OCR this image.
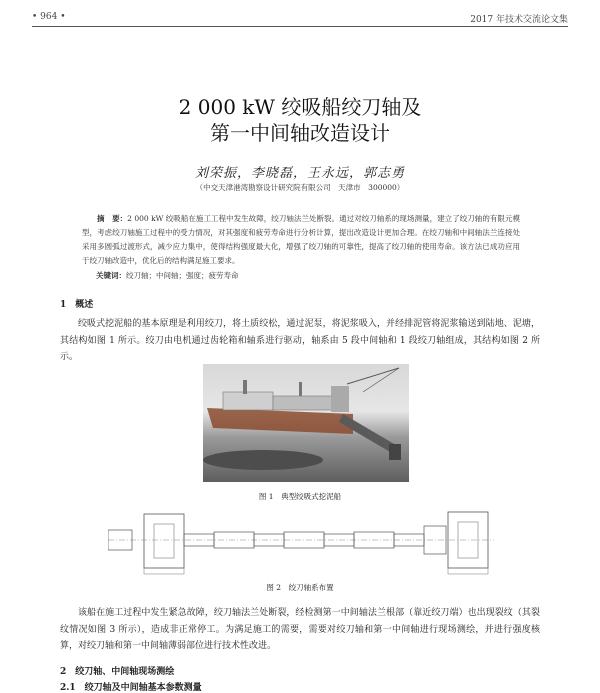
• 964 •	2017 年技术交流论文集
2 000 kW 绞吸船绞刀轴及
第一中间轴改造设计
刘荣振，李晓磊，王永远，郭志勇
（中交天津港湾勘察设计研究院有限公司　天津市　300000）
摘　要：2 000 kW 绞吸船在施工工程中发生故障，绞刀轴法兰处断裂。通过对绞刀轴系的现场测量，建立了绞刀轴的有限元模型，考虑绞刀轴施工过程中的受力情况，对其强度和疲劳寿命进行分析计算，提出改造设计更加合理。在绞刀轴和中间轴法兰连接处采用多圆弧过渡形式，减少应力集中，使得结构强度最大化，增强了绞刀轴的可靠性，提高了绞刀轴的使用寿命。该方法已成功应用于绞刀轴改造中，优化后的结构满足施工要求。
关键词：绞刀轴；中间轴；强度；疲劳寿命
1　概述
绞吸式挖泥船的基本原理是利用绞刀，将土质绞松，通过泥泵，将泥浆吸入，并经排泥管将泥浆输送到陆地、泥塘，其结构如图 1 所示。绞刀由电机通过齿轮箱和轴系进行驱动，轴系由 5 段中间轴和 1 段绞刀轴组成，其结构如图 2 所示。
图 1　典型绞吸式挖泥船
图 2　绞刀轴系布置
该船在施工过程中发生紧急故障，绞刀轴法兰处断裂，经检测第一中间轴法兰根部（靠近绞刀端）也出现裂纹（其裂纹情况如图 3 所示），造成非正常停工。为满足施工的需要，需要对绞刀轴和第一中间轴进行现场测绘，并进行强度核算，对绞刀轴和第一中间轴薄弱部位进行技术性改进。
2　绞刀轴、中间轴现场测绘
2.1　绞刀轴及中间轴基本参数测量
